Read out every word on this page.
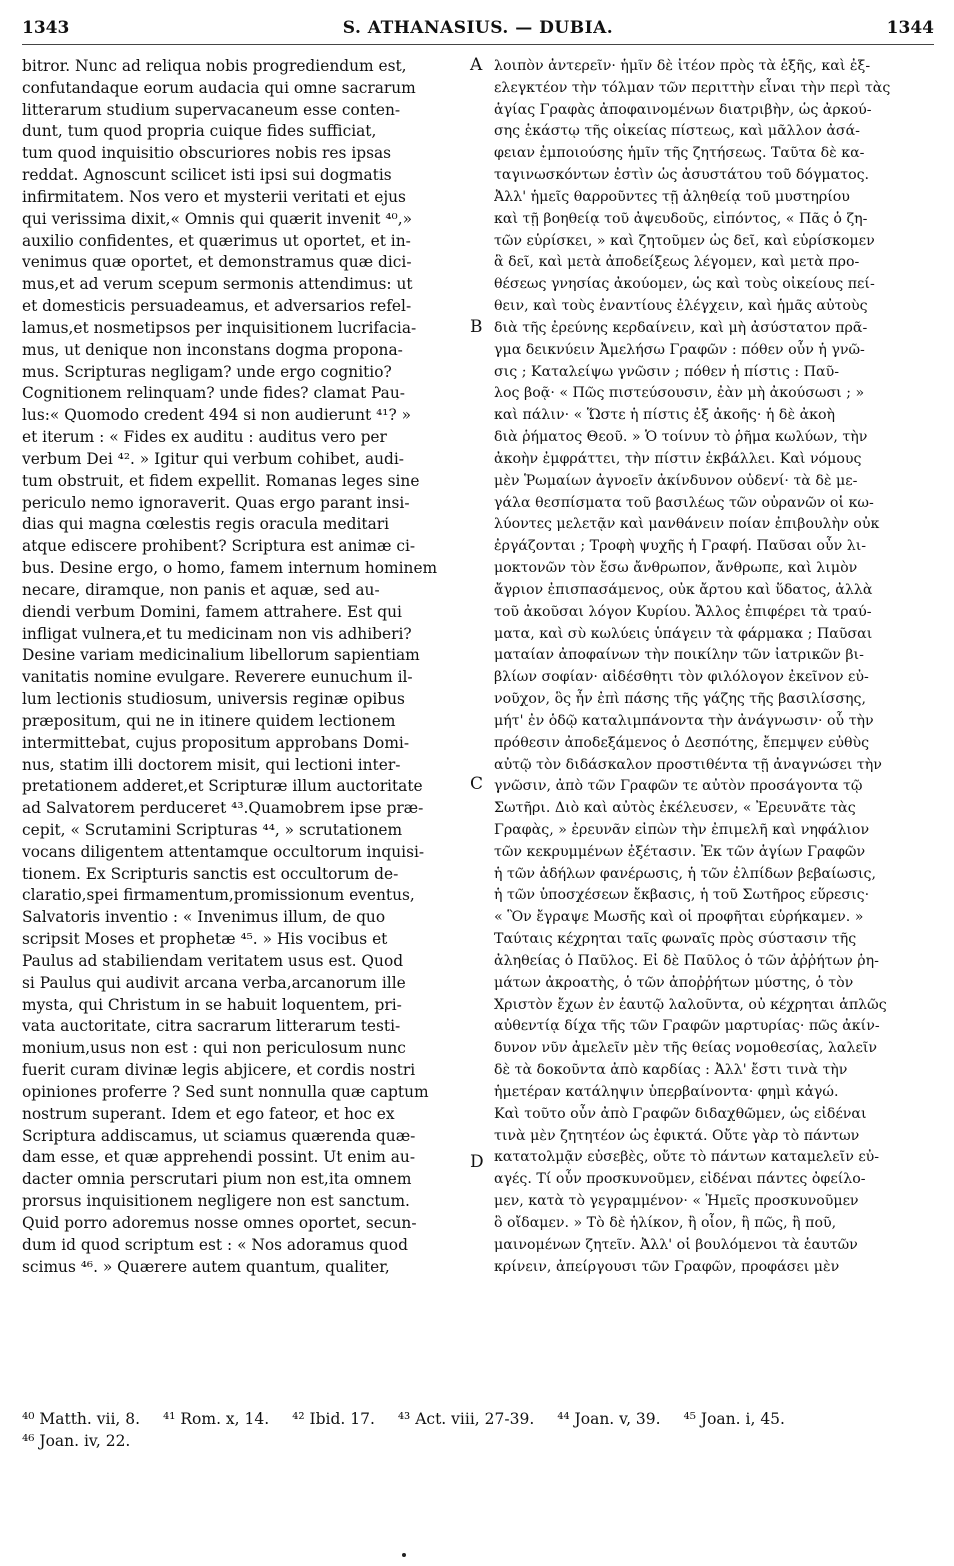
1343	S. ATHANASIUS. — DUBIA.	1344
bitror. Nunc ad reliqua nobis progrediendum est,
confutandaque eorum audacia qui omne sacrarum
litterarum studium supervacaneum esse conten-
dunt, tum quod propria cuique fides sufficiat,
tum quod inquisitio obscuriores nobis res ipsas
reddat. Agnoscunt scilicet isti ipsi sui dogmatis
infirmitatem. Nos vero et mysterii veritati et ejus
qui verissima dixit,« Omnis qui quærit invenit ⁴⁰,»
auxilio confidentes, et quærimus ut oportet, et in-
venimus quæ oportet, et demonstramus quæ dici-
mus,et ad verum scepum sermonis attendimus: ut
et domesticis persuadeamus, et adversarios refel-
lamus,et nosmetipsos per inquisitionem lucrifacia-
mus, ut denique non inconstans dogma propona-
mus. Scripturas negligam? unde ergo cognitio?
Cognitionem relinquam? unde fides? clamat Pau-
lus:« Quomodo credent 494 si non audierunt ⁴¹? »
et iterum : « Fides ex auditu : auditus vero per
verbum Dei ⁴². » Igitur qui verbum cohibet, audi-
tum obstruit, et fidem expellit. Romanas leges sine
periculo nemo ignoraverit. Quas ergo parant insi-
dias qui magna cœlestis regis oracula meditari
atque ediscere prohibent? Scriptura est animæ ci-
bus. Desine ergo, o homo, famem internum hominem
necare, diramque, non panis et aquæ, sed au-
diendi verbum Domini, famem attrahere. Est qui
infligat vulnera,et tu medicinam non vis adhiberi?
Desine variam medicinalium libellorum sapientiam
vanitatis nomine evulgare. Reverere eunuchum il-
lum lectionis studiosum, universis reginæ opibus
præpositum, qui ne in itinere quidem lectionem
intermittebat, cujus propositum approbans Domi-
nus, statim illi doctorem misit, qui lectioni inter-
pretationem adderet,et Scripturæ illum auctoritate
ad Salvatorem perduceret ⁴³.Quamobrem ipse præ-
cepit, « Scrutamini Scripturas ⁴⁴, » scrutationem
vocans diligentem attentamque occultorum inquisi-
tionem. Ex Scripturis sanctis est occultorum de-
claratio,spei firmamentum,promissionum eventus,
Salvatoris inventio : « Invenimus illum, de quo
scripsit Moses et prophetæ ⁴⁵. » His vocibus et
Paulus ad stabiliendam veritatem usus est. Quod
si Paulus qui audivit arcana verba,arcanorum ille
mysta, qui Christum in se habuit loquentem, pri-
vata auctoritate, citra sacrarum litterarum testi-
monium,usus non est : qui non periculosum nunc
fuerit curam divinæ legis abjicere, et cordis nostri
opiniones proferre ? Sed sunt nonnulla quæ captum
nostrum superant. Idem et ego fateor, et hoc ex
Scriptura addiscamus, ut sciamus quærenda quæ-
dam esse, et quæ apprehendi possint. Ut enim au-
dacter omnia perscrutari pium non est,ita omnem
prorsus inquisitionem negligere non est sanctum.
Quid porro adoremus nosse omnes oportet, secun-
dum id quod scriptum est : « Nos adoramus quod
scimus ⁴⁶. » Quærere autem quantum, qualiter,
λοιπὸν ἀντερεῖν· ἡμῖν δὲ ἰτέον πρὸς τὰ ἑξῆς, καὶ ἐξ-
ελεγκτέον τὴν τόλμαν τῶν περιττὴν εἶναι τὴν περὶ τὰς
ἁγίας Γραφὰς ἀποφαινομένων διατριβὴν, ὡς ἀρκού-
σης ἑκάστῳ τῆς οἰκείας πίστεως, καὶ μᾶλλον ἀσά-
φειαν ἐμποιούσης ἡμῖν τῆς ζητήσεως. Ταῦτα δὲ κα-
ταγινωσκόντων ἐστὶν ὡς ἀσυστάτου τοῦ δόγματος.
Ἀλλ' ἡμεῖς θαρροῦντες τῇ ἀληθείᾳ τοῦ μυστηρίου
καὶ τῇ βοηθείᾳ τοῦ ἀψευδοῦς, εἰπόντος, « Πᾶς ὁ ζη-
τῶν εὑρίσκει, » καὶ ζητοῦμεν ὡς δεῖ, καὶ εὑρίσκομεν
ἃ δεῖ, καὶ μετὰ ἀποδείξεως λέγομεν, καὶ μετὰ προ-
θέσεως γνησίας ἀκούομεν, ὡς καὶ τοὺς οἰκείους πεί-
θειν, καὶ τοὺς ἐναντίους ἐλέγχειν, καὶ ἡμᾶς αὐτοὺς
διὰ τῆς ἐρεύνης κερδαίνειν, καὶ μὴ ἀσύστατον πρᾶ-
γμα δεικνύειν Ἀμελήσω Γραφῶν : πόθεν οὖν ἡ γνῶ-
σις ; Καταλείψω γνῶσιν ; πόθεν ἡ πίστις : Παῦ-
λος βοᾷ· « Πῶς πιστεύσουσιν, ἐὰν μὴ ἀκούσωσι ; »
καὶ πάλιν· « Ὥστε ἡ πίστις ἐξ ἀκοῆς· ἡ δὲ ἀκοὴ
διὰ ῥήματος Θεοῦ. » Ὁ τοίνυν τὸ ῥῆμα κωλύων, τὴν
ἀκοὴν ἐμφράττει, τὴν πίστιν ἐκβάλλει. Καὶ νόμους
μὲν Ῥωμαίων ἀγνοεῖν ἀκίνδυνον οὐδενί· τὰ δὲ με-
γάλα θεσπίσματα τοῦ βασιλέως τῶν οὐρανῶν οἱ κω-
λύοντες μελετᾷν καὶ μανθάνειν ποίαν ἐπιβουλὴν οὐκ
ἐργάζονται ; Τροφὴ ψυχῆς ἡ Γραφή. Παῦσαι οὖν λι-
μοκτονῶν τὸν ἔσω ἄνθρωπον, ἄνθρωπε, καὶ λιμὸν
ἄγριον ἐπισπασάμενος, οὐκ ἄρτου καὶ ὕδατος, ἀλλὰ
τοῦ ἀκοῦσαι λόγον Κυρίου. Ἄλλος ἐπιφέρει τὰ τραύ-
ματα, καὶ σὺ κωλύεις ὑπάγειν τὰ φάρμακα ; Παῦσαι
ματαίαν ἀποφαίνων τὴν ποικίλην τῶν ἰατρικῶν βι-
βλίων σοφίαν· αἰδέσθητι τὸν φιλόλογον ἐκεῖνον εὐ-
νοῦχον, ὃς ἦν ἐπὶ πάσης τῆς γάζης τῆς βασιλίσσης,
μήτ' ἐν ὁδῷ καταλιμπάνοντα τὴν ἀνάγνωσιν· οὗ τὴν
πρόθεσιν ἀποδεξάμενος ὁ Δεσπότης, ἔπεμψεν εὐθὺς
αὐτῷ τὸν διδάσκαλον προστιθέντα τῇ ἀναγνώσει τὴν
γνῶσιν, ἀπὸ τῶν Γραφῶν τε αὐτὸν προσάγοντα τῷ
Σωτῆρι. Διὸ καὶ αὐτὸς ἐκέλευσεν, « Ἐρευνᾶτε τὰς
Γραφὰς, » ἐρευνᾶν εἰπὼν τὴν ἐπιμελῆ καὶ νηφάλιον
τῶν κεκρυμμένων ἐξέτασιν. Ἐκ τῶν ἁγίων Γραφῶν
ἡ τῶν ἀδήλων φανέρωσις, ἡ τῶν ἐλπίδων βεβαίωσις,
ἡ τῶν ὑποσχέσεων ἔκβασις, ἡ τοῦ Σωτῆρος εὕρεσις·
« Ὃν ἔγραψε Μωσῆς καὶ οἱ προφῆται εὑρήκαμεν. »
Ταύταις κέχρηται ταῖς φωναῖς πρὸς σύστασιν τῆς
ἀληθείας ὁ Παῦλος. Εἰ δὲ Παῦλος ὁ τῶν ἀῤῥήτων ῥη-
μάτων ἀκροατὴς, ὁ τῶν ἀποῤῥήτων μύστης, ὁ τὸν
Χριστὸν ἔχων ἐν ἑαυτῷ λαλοῦντα, οὐ κέχρηται ἁπλῶς
αὐθεντίᾳ δίχα τῆς τῶν Γραφῶν μαρτυρίας· πῶς ἀκίν-
δυνον νῦν ἀμελεῖν μὲν τῆς θείας νομοθεσίας, λαλεῖν
δὲ τὰ δοκοῦντα ἀπὸ καρδίας : Ἀλλ' ἔστι τινὰ τὴν
ἡμετέραν κατάληψιν ὑπερβαίνοντα· φημὶ κἀγώ.
Καὶ τοῦτο οὖν ἀπὸ Γραφῶν διδαχθῶμεν, ὡς εἰδέναι
τινὰ μὲν ζητητέον ὡς ἐφικτά. Οὔτε γὰρ τὸ πάντων
κατατολμᾷν εὐσεβὲς, οὔτε τὸ πάντων καταμελεῖν εὐ-
αγές. Τί οὖν προσκυνοῦμεν, εἰδέναι πάντες ὀφείλο-
μεν, κατὰ τὸ γεγραμμένον· « Ἡμεῖς προσκυνοῦμεν
ὃ οἴδαμεν. » Τὸ δὲ ἡλίκον, ἢ οἷον, ἢ πῶς, ἢ ποῦ,
μαινομένων ζητεῖν. Ἀλλ' οἱ βουλόμενοι τὰ ἑαυτῶν
κρίνειν, ἀπείργουσι τῶν Γραφῶν, προφάσει μὲν
A
B
C
D
⁴⁰ Matth. vii, 8. ⁴¹ Rom. x, 14. ⁴² Ibid. 17. ⁴³ Act. viii, 27-39. ⁴⁴ Joan. v, 39. ⁴⁵ Joan. i, 45.
⁴⁶ Joan. iv, 22.
